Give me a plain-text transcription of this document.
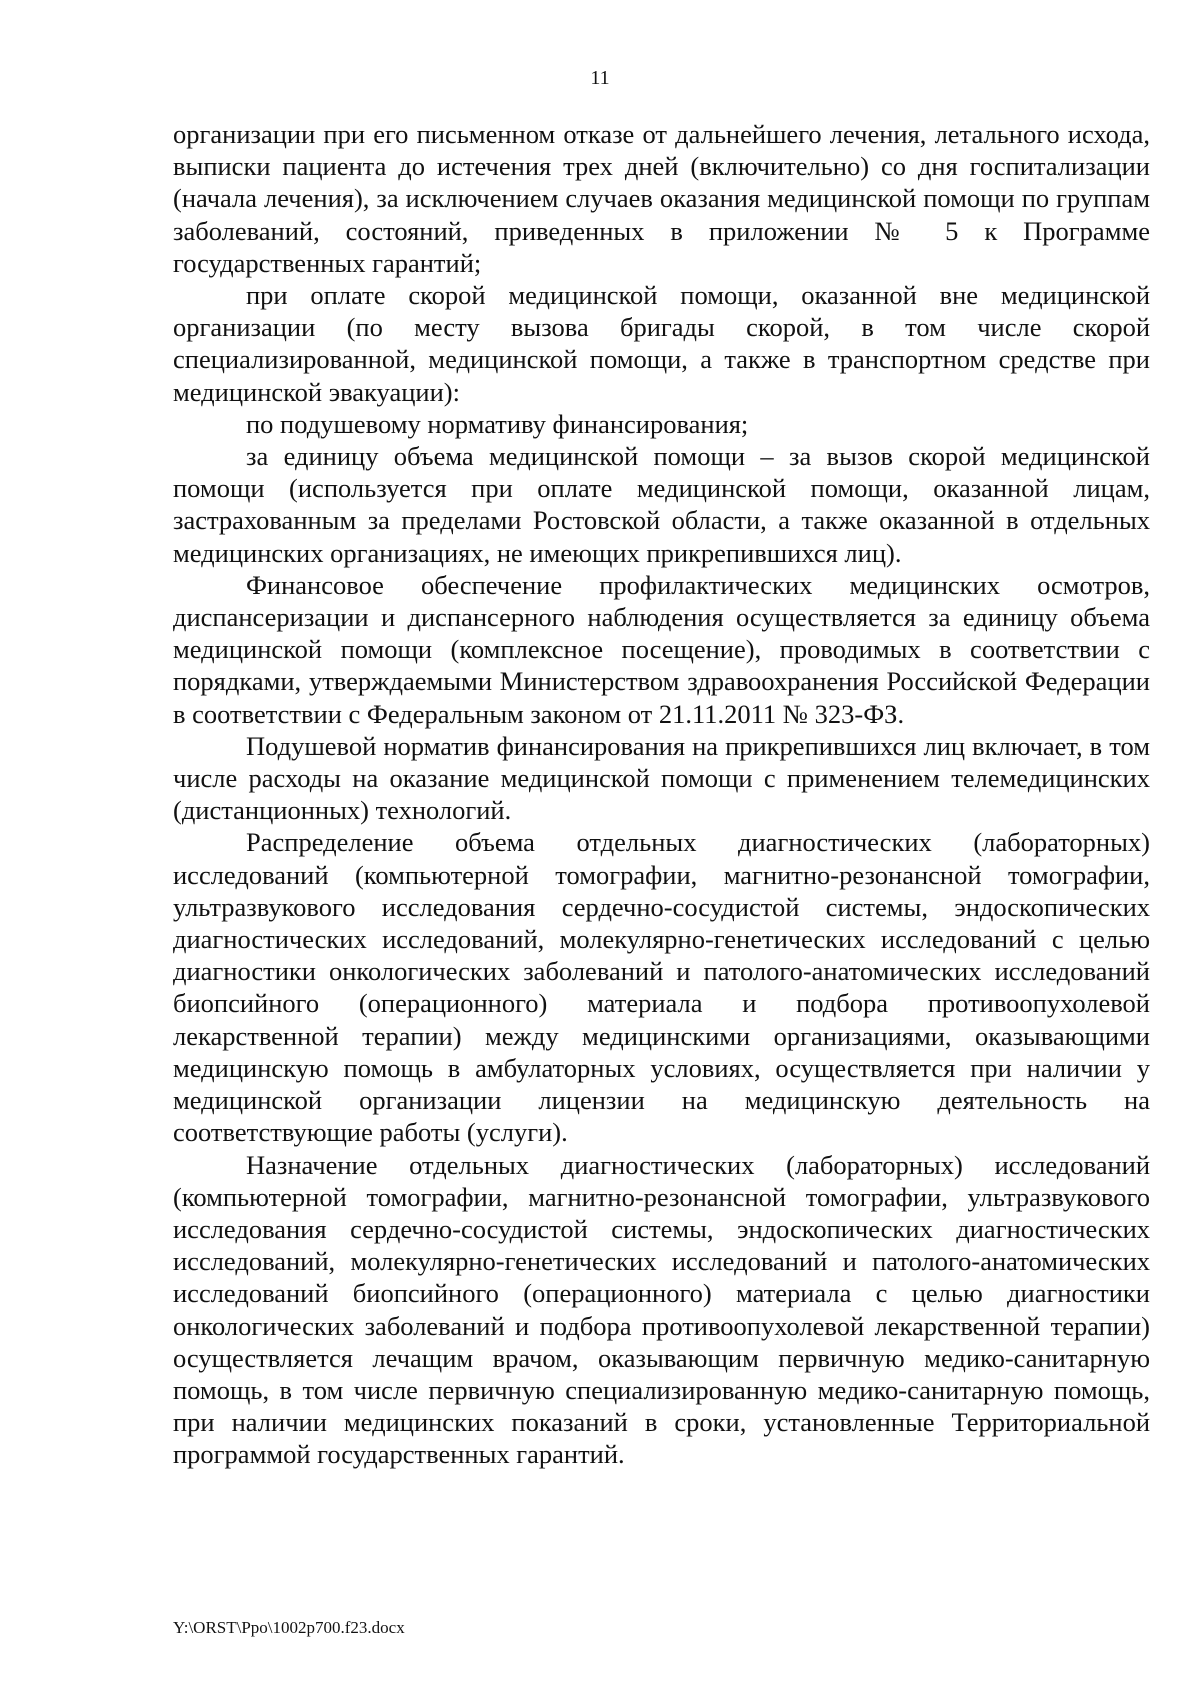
11

организации при его письменном отказе от дальнейшего лечения, летального исхода, выписки пациента до истечения трех дней (включительно) со дня госпитализации (начала лечения), за исключением случаев оказания медицинской помощи по группам заболеваний, состояний, приведенных в приложении № 5 к Программе государственных гарантий;

при оплате скорой медицинской помощи, оказанной вне медицинской организации (по месту вызова бригады скорой, в том числе скорой специализированной, медицинской помощи, а также в транспортном средстве при медицинской эвакуации):

по подушевому нормативу финансирования;

за единицу объема медицинской помощи – за вызов скорой медицинской помощи (используется при оплате медицинской помощи, оказанной лицам, застрахованным за пределами Ростовской области, а также оказанной в отдельных медицинских организациях, не имеющих прикрепившихся лиц).

Финансовое обеспечение профилактических медицинских осмотров, диспансеризации и диспансерного наблюдения осуществляется за единицу объема медицинской помощи (комплексное посещение), проводимых в соответствии с порядками, утверждаемыми Министерством здравоохранения Российской Федерации в соответствии с Федеральным законом от 21.11.2011 № 323-ФЗ.

Подушевой норматив финансирования на прикрепившихся лиц включает, в том числе расходы на оказание медицинской помощи с применением телемедицинских (дистанционных) технологий.

Распределение объема отдельных диагностических (лабораторных) исследований (компьютерной томографии, магнитно-резонансной томографии, ультразвукового исследования сердечно-сосудистой системы, эндоскопических диагностических исследований, молекулярно-генетических исследований с целью диагностики онкологических заболеваний и патолого-анатомических исследований биопсийного (операционного) материала и подбора противоопухолевой лекарственной терапии) между медицинскими организациями, оказывающими медицинскую помощь в амбулаторных условиях, осуществляется при наличии у медицинской организации лицензии на медицинскую деятельность на соответствующие работы (услуги).

Назначение отдельных диагностических (лабораторных) исследований (компьютерной томографии, магнитно-резонансной томографии, ультразвукового исследования сердечно-сосудистой системы, эндоскопических диагностических исследований, молекулярно-генетических исследований и патолого-анатомических исследований биопсийного (операционного) материала с целью диагностики онкологических заболеваний и подбора противоопухолевой лекарственной терапии) осуществляется лечащим врачом, оказывающим первичную медико-санитарную помощь, в том числе первичную специализированную медико-санитарную помощь, при наличии медицинских показаний в сроки, установленные Территориальной программой государственных гарантий.

Y:\ORST\Ppo\1002p700.f23.docx
